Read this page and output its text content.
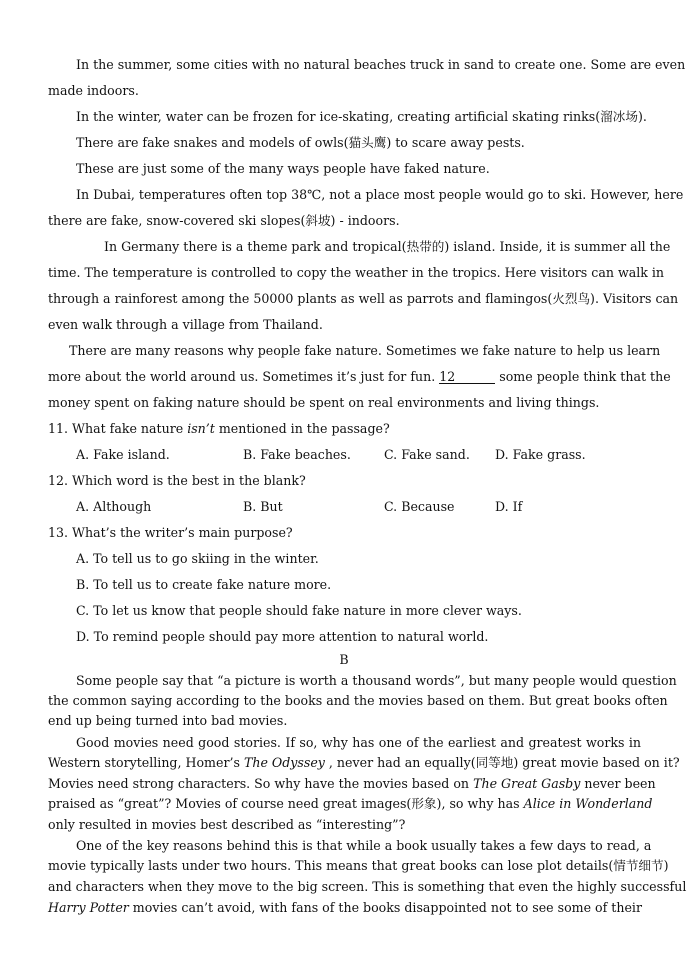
In the summer, some cities with no natural beaches truck in sand to create one. Some are even
made indoors.
In the winter, water can be frozen for ice-skating, creating artificial skating rinks(溜冰场).
There are fake snakes and models of owls(猫头鹰) to scare away pests.
These are just some of the many ways people have faked nature.
In Dubai, temperatures often top 38℃, not a place most people would go to ski. However, here
there are fake, snow-covered ski slopes(斜坡) - indoors.
In Germany there is a theme park and tropical(热带的) island. Inside, it is summer all the
time. The temperature is controlled to copy the weather in the tropics. Here visitors can walk in
through a rainforest among the 50000 plants as well as parrots and flamingos(火烈鸟). Visitors can
even walk through a village from Thailand.
There are many reasons why people fake nature. Sometimes we fake nature to help us learn
more about the world around us. Sometimes it’s just for fun. 12	some people think that the
money spent on faking nature should be spent on real environments and living things.
11. What fake nature isn’t mentioned in the passage?
A. Fake island.	B. Fake beaches.	C. Fake sand. D. Fake grass.
12. Which word is the best in the blank?
A. Although	B. But	C. Because	D. If
13. What’s the writer’s main purpose?
A. To tell us to go skiing in the winter.
B. To tell us to create fake nature more.
C. To let us know that people should fake nature in more clever ways.
D. To remind people should pay more attention to natural world.
B
Some people say that “a picture is worth a thousand words”, but many people would question
the common saying according to the books and the movies based on them. But great books often
end up being turned into bad movies.
Good movies need good stories. If so, why has one of the earliest and greatest works in
Western storytelling, Homer’s The Odyssey , never had an equally(同等地) great movie based on it?
Movies need strong characters. So why have the movies based on The Great Gasby never been
praised as “great”? Movies of course need great images(形象), so why has Alice in Wonderland
only resulted in movies best described as “interesting”?
One of the key reasons behind this is that while a book usually takes a few days to read, a
movie typically lasts under two hours. This means that great books can lose plot details(情节细节)
and characters when they move to the big screen. This is something that even the highly successful
Harry Potter movies can’t avoid, with fans of the books disappointed not to see some of their
